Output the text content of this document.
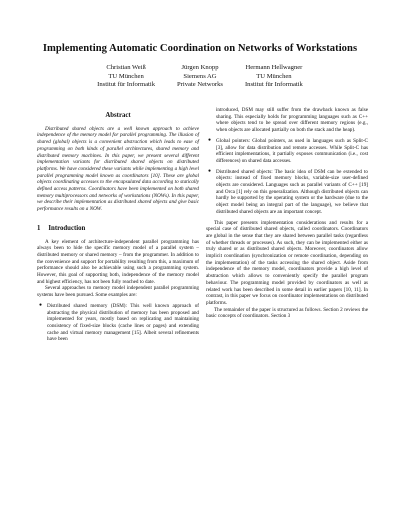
Implementing Automatic Coordination on Networks of Workstations
Christian Weiß
TU München
Institut für Informatik
Jürgen Knopp
Siemens AG
Private Networks
Hermann Hellwagner
TU München
Institut für Informatik
Abstract

Distributed shared objects are a well known approach to achieve independence of the memory model for parallel programming. The illusion of shared (global) objects is a convenient abstraction which leads to ease of programming on both kinds of parallel architectures, shared memory and distributed memory machines. In this paper, we present several different implementation variants for distributed shared objects on distributed platforms. We have considered these variants while implementing a high level parallel programming model known as coordinators [10]. These are global objects coordinating accesses to the encapsulated data according to statically defined access patterns. Coordinators have been implemented on both shared memory multiprocessors and networks of workstations (NOWs). In this paper, we describe their implementation as distributed shared objects and give basic performance results on a NOW.

1 Introduction

A key element of architecture-independent parallel programming has always been to hide the specific memory model of a parallel system – distributed memory or shared memory – from the programmer. In addition to the convenience and support for portability resulting from this, a maximum of performance should also be achievable using such a programming system. However, this goal of supporting both, independence of the memory model and highest efficiency, has not been fully reached to date.

Several approaches to memory model independent parallel programming systems have been pursued. Some examples are:

● Distributed shared memory (DSM): This well known approach of abstracting the physical distribution of memory has been proposed and implemented for years, mostly based on replicating and maintaining consistency of fixed-size blocks (cache lines or pages) and extending cache and virtual memory management [15]. Albeit several refinements have been

introduced, DSM may still suffer from the drawback known as false sharing. This especially holds for programming languages such as C++ where objects tend to be spread over different memory regions (e.g., when objects are allocated partially on both the stack and the heap).

● Global pointers: Global pointers, as used in languages such as Split-C [3], allow for data distribution and remote accesses. While Split-C has efficient implementations, it partially exposes communication (i.e., cost differences) on shared data accesses.
● Distributed shared objects: The basic idea of DSM can be extended to objects: instead of fixed memory blocks, variable-size user-defined objects are considered. Languages such as parallel variants of C++ [19] and Orca [1] rely on this generalization. Although distributed objects can hardly be supported by the operating system or the hardware (due to the object model being an integral part of the language), we believe that distributed shared objects are an important concept.

This paper presents implementation considerations and results for a special case of distributed shared objects, called coordinators. Coordinators are global in the sense that they are shared between parallel tasks (regardless of whether threads or processes). As such, they can be implemented either as truly shared or as distributed shared objects. Moreover, coordinators allow implicit coordination (synchronization or remote coordination, depending on the implementation) of the tasks accessing the shared object. Aside from independence of the memory model, coordinators provide a high level of abstraction which allows to conveniently specify the parallel program behaviour. The programming model provided by coordinators as well as related work has been described in some detail in earlier papers [10, 11]. In contrast, in this paper we focus on coordinator implementations on distributed platforms.

The remainder of the paper is structured as follows. Section 2 reviews the basic concepts of coordinators. Section 3
